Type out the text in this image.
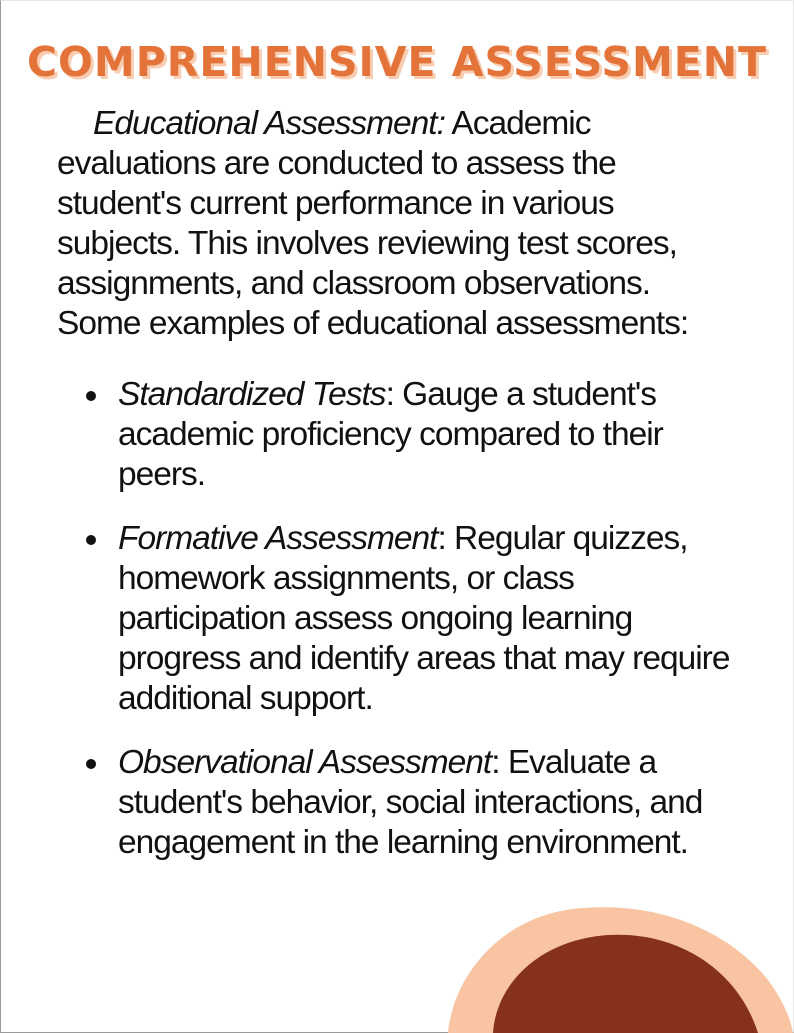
COMPREHENSIVE ASSESSMENT

Educational Assessment: Academic evaluations are conducted to assess the student's current performance in various subjects. This involves reviewing test scores, assignments, and classroom observations. Some examples of educational assessments:

Standardized Tests: Gauge a student's academic proficiency compared to their peers.
Formative Assessment: Regular quizzes, homework assignments, or class participation assess ongoing learning progress and identify areas that may require additional support.
Observational Assessment: Evaluate a student's behavior, social interactions, and engagement in the learning environment.
